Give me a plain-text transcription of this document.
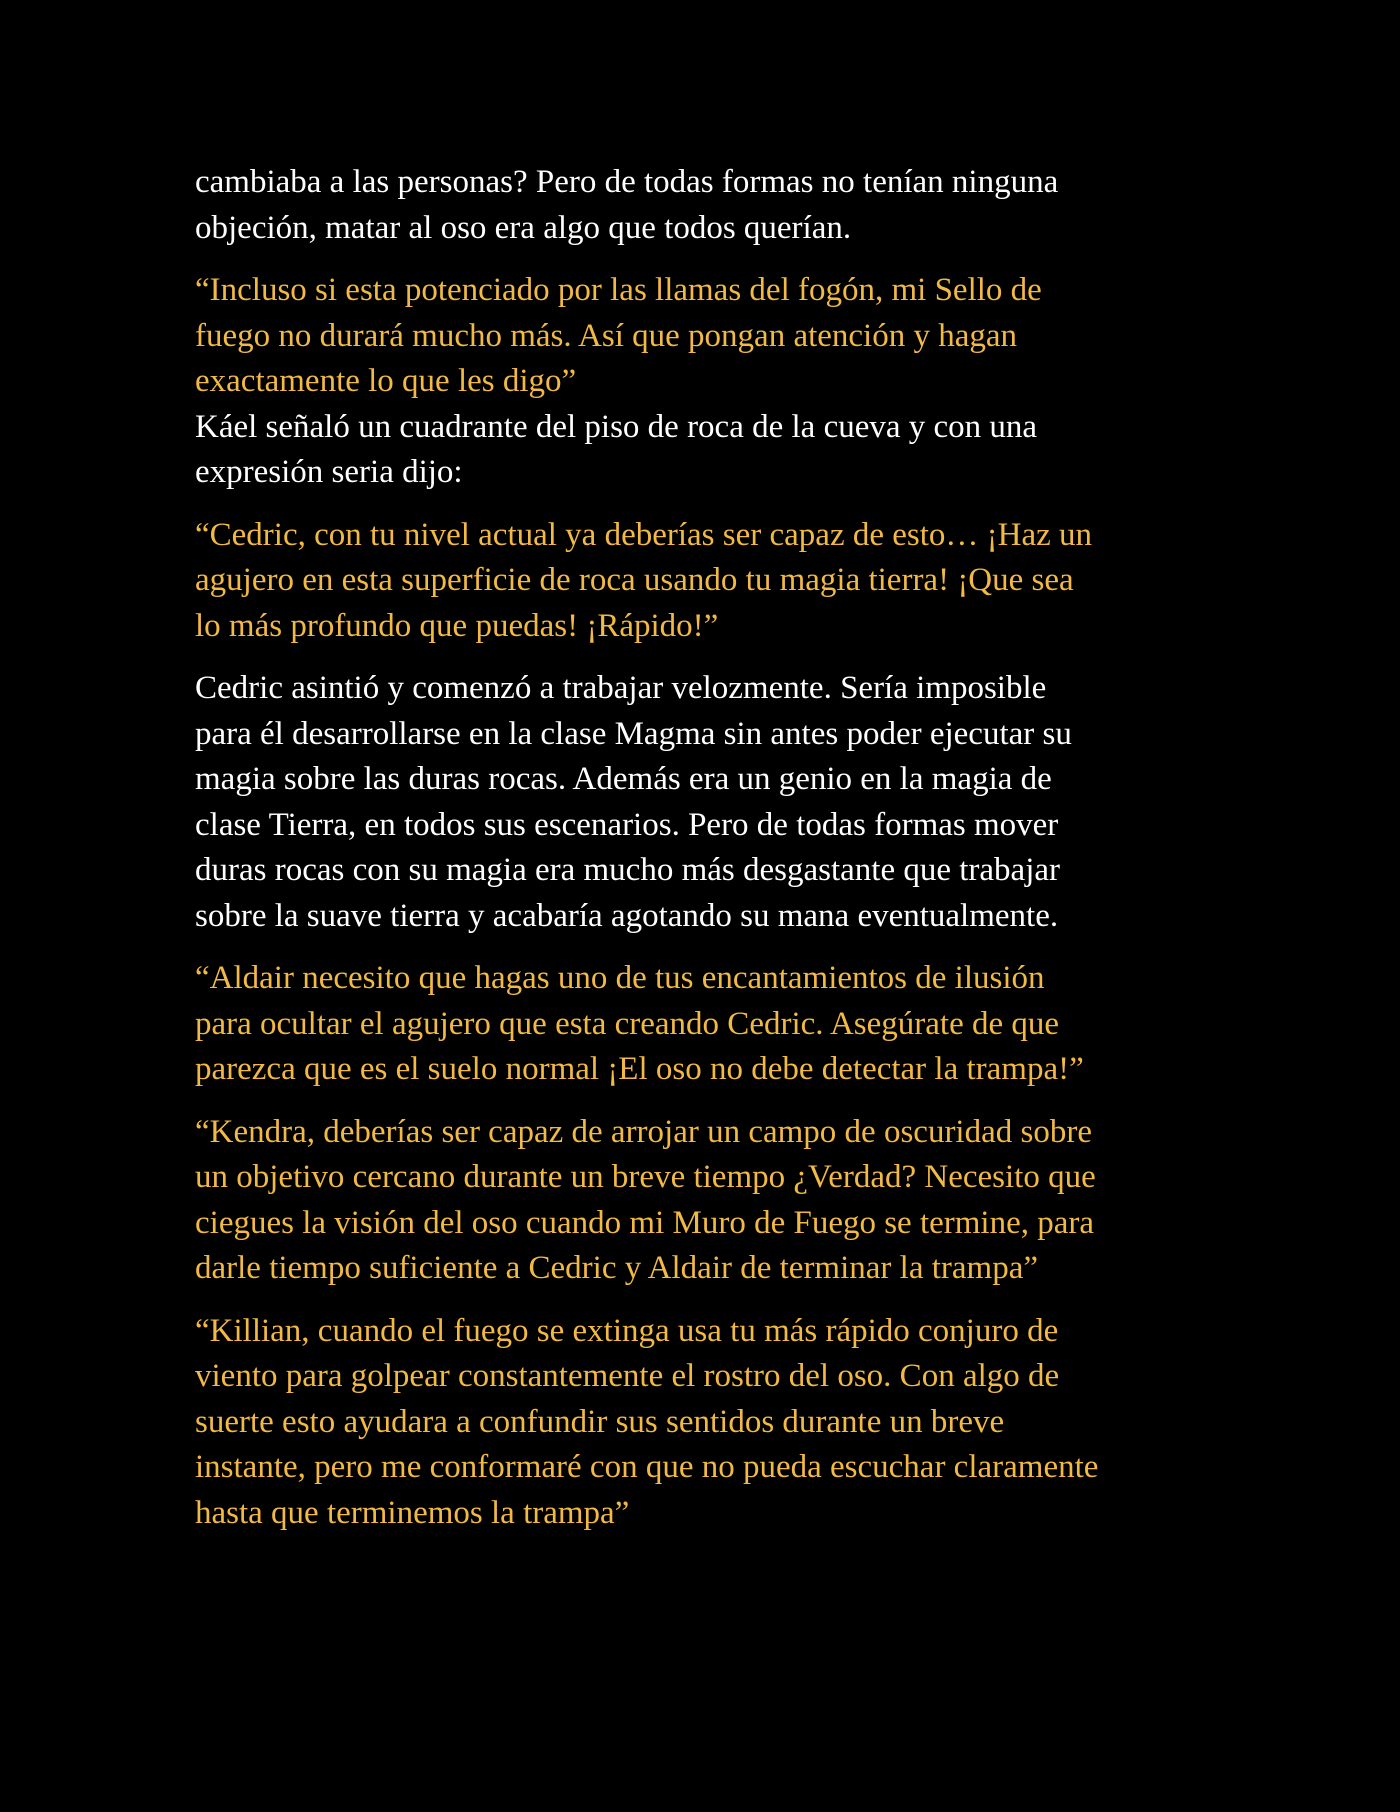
cambiaba a las personas? Pero de todas formas no tenían ninguna
objeción, matar al oso era algo que todos querían.

“Incluso si esta potenciado por las llamas del fogón, mi Sello de
fuego no durará mucho más. Así que pongan atención y hagan
exactamente lo que les digo”

Káel señaló un cuadrante del piso de roca de la cueva y con una
expresión seria dijo:

“Cedric, con tu nivel actual ya deberías ser capaz de esto… ¡Haz un
agujero en esta superficie de roca usando tu magia tierra! ¡Que sea
lo más profundo que puedas! ¡Rápido!”

Cedric asintió y comenzó a trabajar velozmente. Sería imposible
para él desarrollarse en la clase Magma sin antes poder ejecutar su
magia sobre las duras rocas. Además era un genio en la magia de
clase Tierra, en todos sus escenarios. Pero de todas formas mover
duras rocas con su magia era mucho más desgastante que trabajar
sobre la suave tierra y acabaría agotando su mana eventualmente.

“Aldair necesito que hagas uno de tus encantamientos de ilusión
para ocultar el agujero que esta creando Cedric. Asegúrate de que
parezca que es el suelo normal ¡El oso no debe detectar la trampa!”

“Kendra, deberías ser capaz de arrojar un campo de oscuridad sobre
un objetivo cercano durante un breve tiempo ¿Verdad? Necesito que
ciegues la visión del oso cuando mi Muro de Fuego se termine, para
darle tiempo suficiente a Cedric y Aldair de terminar la trampa”

“Killian, cuando el fuego se extinga usa tu más rápido conjuro de
viento para golpear constantemente el rostro del oso. Con algo de
suerte esto ayudara a confundir sus sentidos durante un breve
instante, pero me conformaré con que no pueda escuchar claramente
hasta que terminemos la trampa”
